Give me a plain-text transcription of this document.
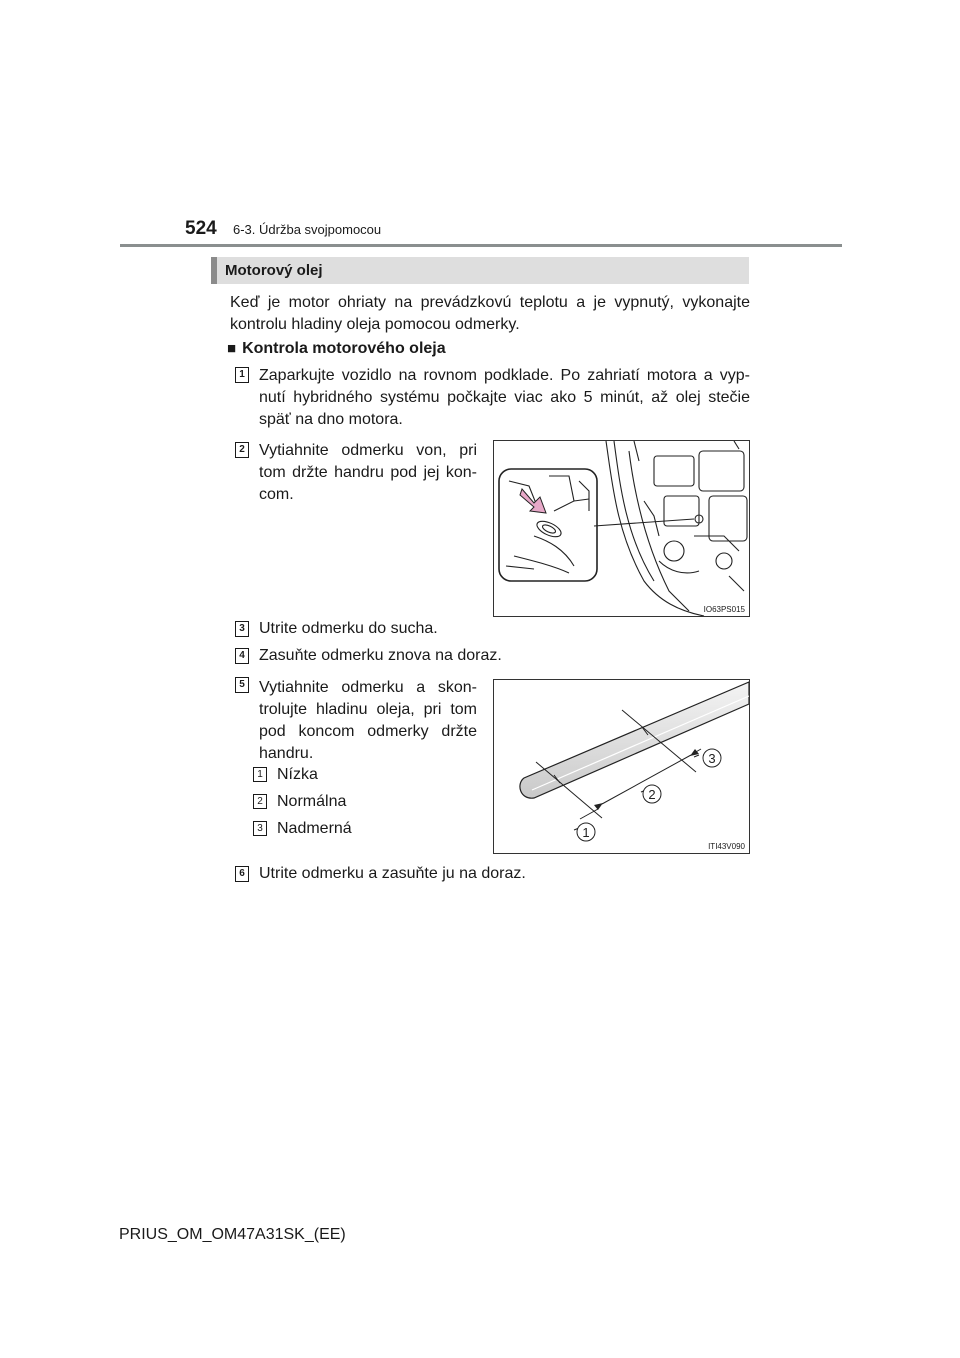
524 6-3. Údržba svojpomocou
Motorový olej
Keď je motor ohriaty na prevádzkovú teplotu a je vypnutý, vykonajte
kontrolu hladiny oleja pomocou odmerky.
■ Kontrola motorového oleja
1 Zaparkujte vozidlo na rovnom podklade. Po zahriatí motora a vyp-
nutí hybridného systému počkajte viac ako 5 minút, až olej stečie
späť na dno motora.
2 Vytiahnite odmerku von, pri
tom držte handru pod jej kon-
com.
IO63PS015
3 Utrite odmerku do sucha.
4 Zasuňte odmerku znova na doraz.
5 Vytiahnite odmerku a skon-
trolujte hladinu oleja, pri tom
pod koncom odmerky držte
handru.
1 Nízka
2 Normálna
3 Nadmerná	1
2
3
ITI43V090
6 Utrite odmerku a zasuňte ju na doraz.
PRIUS_OM_OM47A31SK_(EE)
